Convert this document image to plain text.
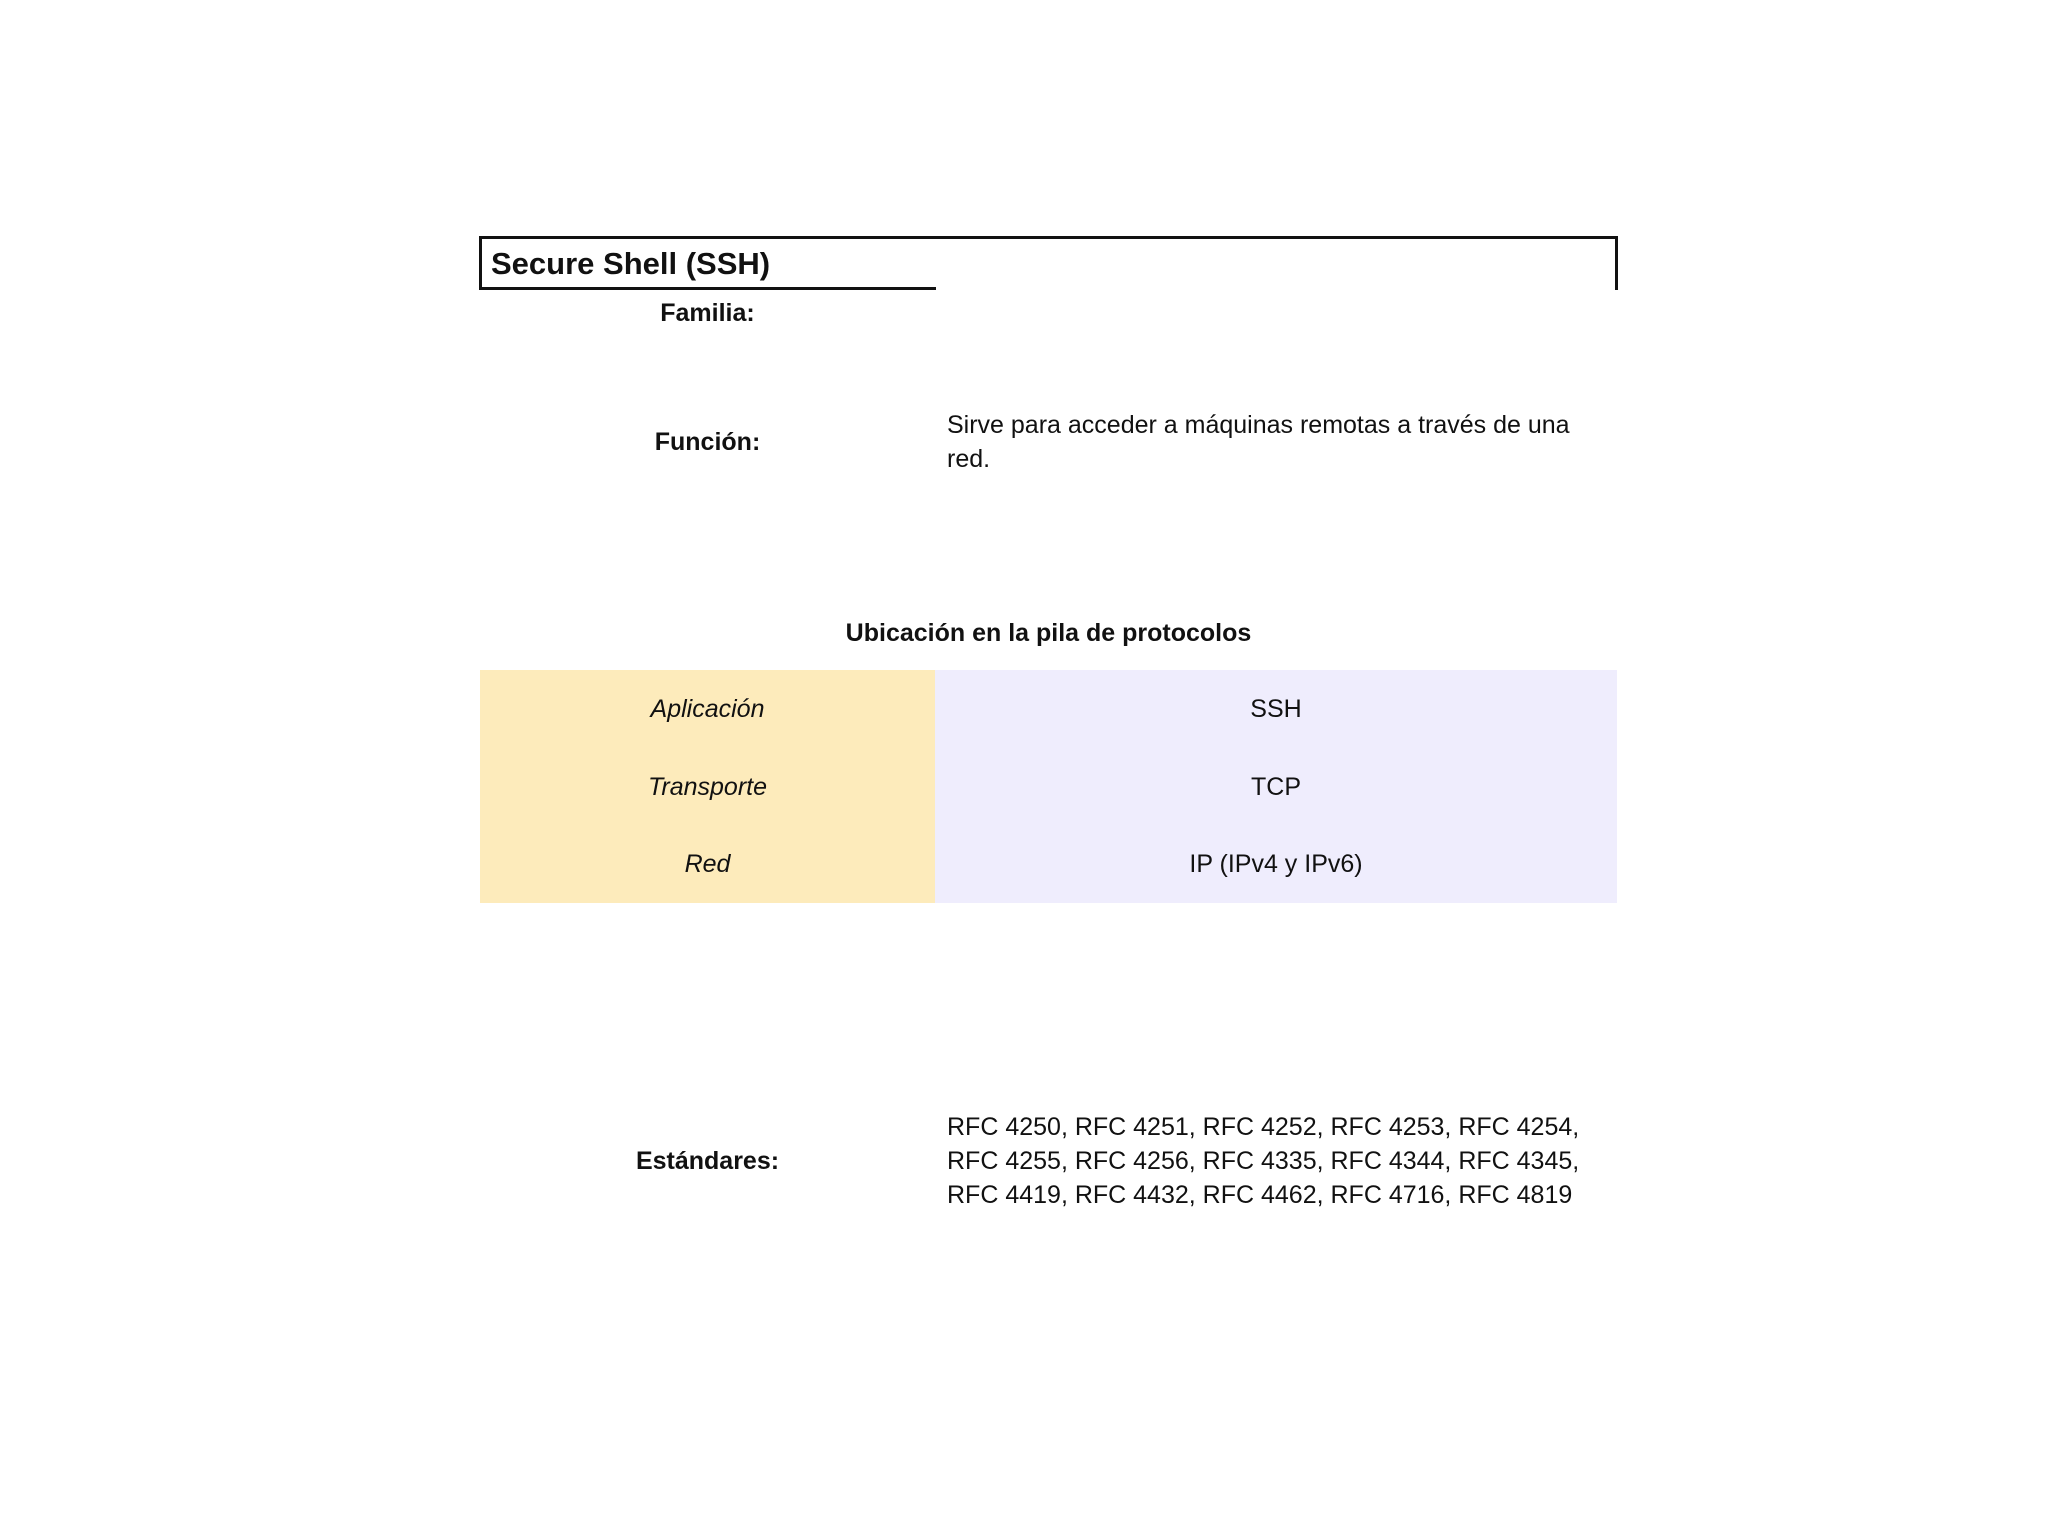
Secure Shell (SSH)
Familia:
Función:
Sirve para acceder a máquinas remotas a través de una red.
Ubicación en la pila de protocolos
Aplicación	SSH
Transporte	TCP
Red	IP (IPv4 y IPv6)
Estándares:
RFC 4250, RFC 4251, RFC 4252, RFC 4253, RFC 4254, RFC 4255, RFC 4256, RFC 4335, RFC 4344, RFC 4345, RFC 4419, RFC 4432, RFC 4462, RFC 4716, RFC 4819
